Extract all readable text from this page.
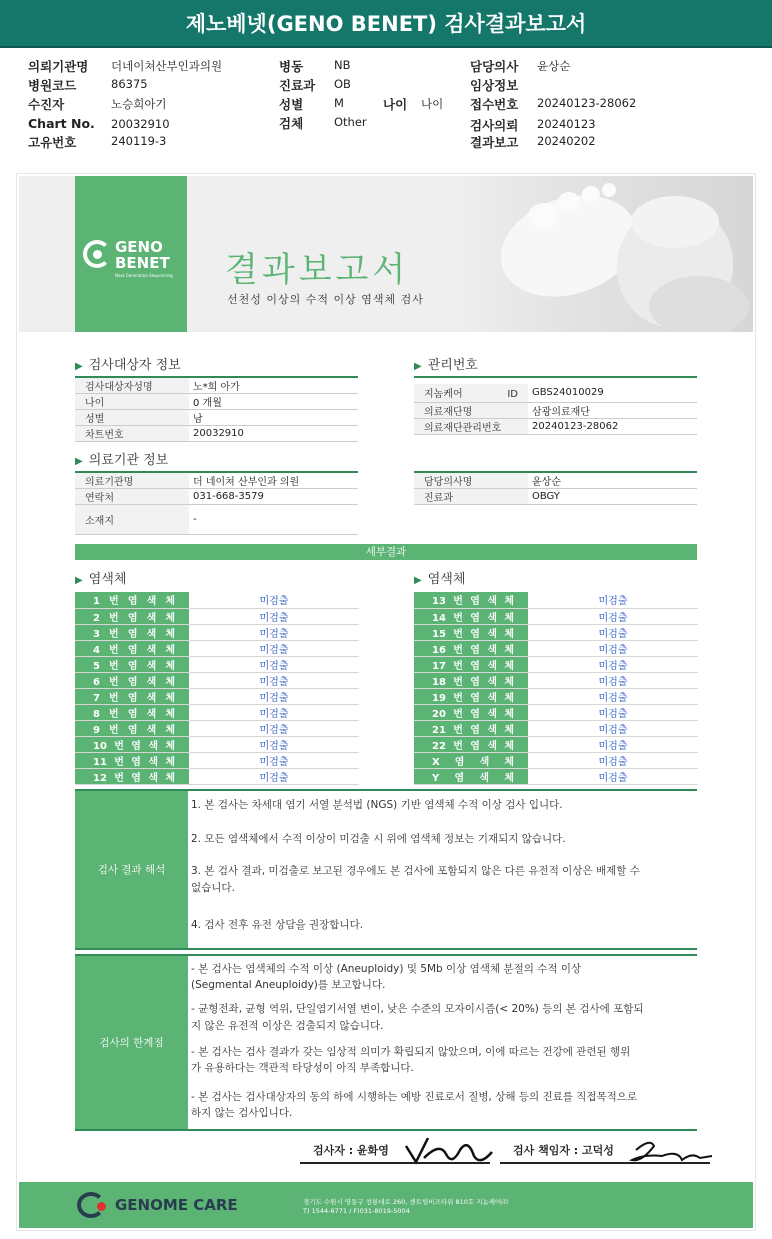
제노베넷(GENO BENET) 검사결과보고서
의뢰기관명 더네이쳐산부인과의원
병원코드	86375
수진자	노승희아기
Chart No. 20032910
고유번호	240119-3
병동	NB
진료과 OB
성별	M
검체	Other
나이 나이
담당의사 윤상순
임상정보
접수번호 20240123-28062
검사의뢰 20240123
결과보고 20240202
GENO
BENET
Next Generation Sequencing 결과보고서
선천성 이상의 수적 이상 염색체 검사
▶ 검사대상자 정보
검사대상자성명	노*희 아가
나이	0 개월
성별	남
차트번호	20032910
▶ 관리번호
지놈케어 ID	GBS24010029
의료재단명	삼광의료재단
의료재단관리번호	20240123-28062
▶ 의료기관 정보
의료기관명	더 네이쳐 산부인과 의원
연락처	031-668-3579
소재지	-
담당의사명	윤상순
진료과	OBGY
세부결과
▶ 염색체	▶ 염색체
1 번 염 색 체	미검출
2 번 염 색 체	미검출
3 번 염 색 체	미검출
4 번 염 색 체	미검출
5 번 염 색 체	미검출
6 번 염 색 체	미검출
7 번 염 색 체	미검출
8 번 염 색 체	미검출
9 번 염 색 체	미검출
10 번 염 색 체	미검출
11 번 염 색 체	미검출
12 번 염 색 체	미검출
13 번 염 색 체	미검출
14 번 염 색 체	미검출
15 번 염 색 체	미검출
16 번 염 색 체	미검출
17 번 염 색 체	미검출
18 번 염 색 체	미검출
19 번 염 색 체	미검출
20 번 염 색 체	미검출
21 번 염 색 체	미검출
22 번 염 색 체	미검출
X 염 색 체	미검출
Y 염 색 체	미검출
검사 결과 해석
1. 본 검사는 차세대 염기 서열 분석법 (NGS) 기반 염색체 수적 이상 검사 입니다.
2. 모든 염색체에서 수적 이상이 미검출 시 위에 염색체 정보는 기재되지 않습니다.
3. 본 검사 결과, 미검출로 보고된 경우에도 본 검사에 포함되지 않은 다른 유전적 이상은 배제할 수
없습니다.
4. 검사 전후 유전 상담을 권장합니다.
검사의 한계점
- 본 검사는 염색체의 수적 이상 (Aneuploidy) 및 5Mb 이상 염색체 분절의 수적 이상
(Segmental Aneuploidy)를 보고합니다.
- 균형전좌, 균형 역위, 단일염기서열 변이, 낮은 수준의 모자이시즘(< 20%) 등의 본 검사에 포함되
지 않은 유전적 이상은 검출되지 않습니다.
- 본 검사는 검사 결과가 갖는 임상적 의미가 확립되지 않았으며, 이에 따르는 건강에 관련된 행위
가 유용하다는 객관적 타당성이 아직 부족합니다.
- 본 검사는 검사대상자의 동의 하에 시행하는 예방 진료로서 질병, 상해 등의 진료를 직접목적으로
하지 않는 검사입니다.
검사자 : 윤화영	검사 책임자 : 고덕성
GENOME CARE	경기도 수원시 영통구 창룡대로 260, 센트럴비즈타워 810호 지놈케어㈜
T) 1544-6771 / F)031-8019-5004
